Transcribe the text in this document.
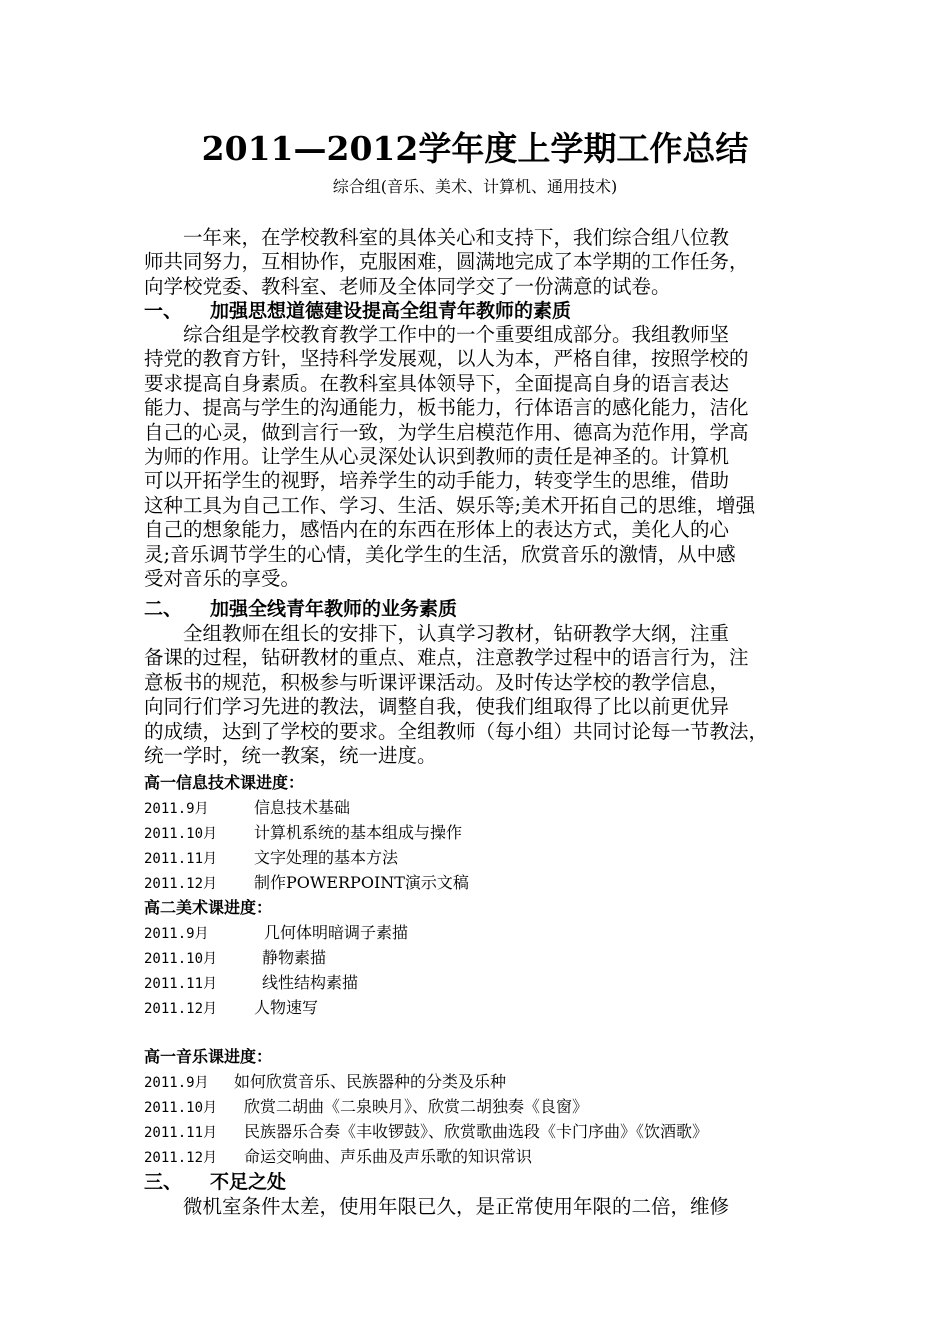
2011—2012学年度上学期工作总结
综合组(音乐、美术、计算机、通用技术)
　　一年来，在学校教科室的具体关心和支持下，我们综合组八位教
师共同努力，互相协作，克服困难，圆满地完成了本学期的工作任务，
向学校党委、教科室、老师及全体同学交了一份满意的试卷。
一、 加强思想道德建设提高全组青年教师的素质
　　综合组是学校教育教学工作中的一个重要组成部分。我组教师坚
持党的教育方针，坚持科学发展观，以人为本，严格自律，按照学校的
要求提高自身素质。在教科室具体领导下，全面提高自身的语言表达
能力、提高与学生的沟通能力，板书能力，行体语言的感化能力，洁化
自己的心灵，做到言行一致，为学生启模范作用、德高为范作用，学高
为师的作用。让学生从心灵深处认识到教师的责任是神圣的。计算机
可以开拓学生的视野，培养学生的动手能力，转变学生的思维，借助
这种工具为自己工作、学习、生活、娱乐等;美术开拓自己的思维，增强
自己的想象能力，感悟内在的东西在形体上的表达方式，美化人的心
灵;音乐调节学生的心情，美化学生的生活，欣赏音乐的激情，从中感
受对音乐的享受。
二、 加强全线青年教师的业务素质
　　全组教师在组长的安排下，认真学习教材，钻研教学大纲，注重
备课的过程，钻研教材的重点、难点，注意教学过程中的语言行为，注
意板书的规范，积极参与听课评课活动。及时传达学校的教学信息，
向同行们学习先进的教法，调整自我，使我们组取得了比以前更优异
的成绩，达到了学校的要求。全组教师（每小组）共同讨论每一节教法，
统一学时，统一教案，统一进度。
高一信息技术课进度：
2011.9月	信息技术基础
2011.10月 计算机系统的基本组成与操作
2011.11月 文字处理的基本方法
2011.12月 制作POWERPOINT演示文稿
高二美术课进度：
2011.9月	几何体明暗调子素描
2011.10月	静物素描
2011.11月	线性结构素描
2011.12月 人物速写
高一音乐课进度：
2011.9月 如何欣赏音乐、民族器种的分类及乐种
2011.10月 欣赏二胡曲《二泉映月》、欣赏二胡独奏《良窗》
2011.11月 民族器乐合奏《丰收锣鼓》、欣赏歌曲选段《卡门序曲》《饮酒歌》
2011.12月 命运交响曲、声乐曲及声乐歌的知识常识
三、 不足之处
　　微机室条件太差，使用年限已久，是正常使用年限的二倍，维修
